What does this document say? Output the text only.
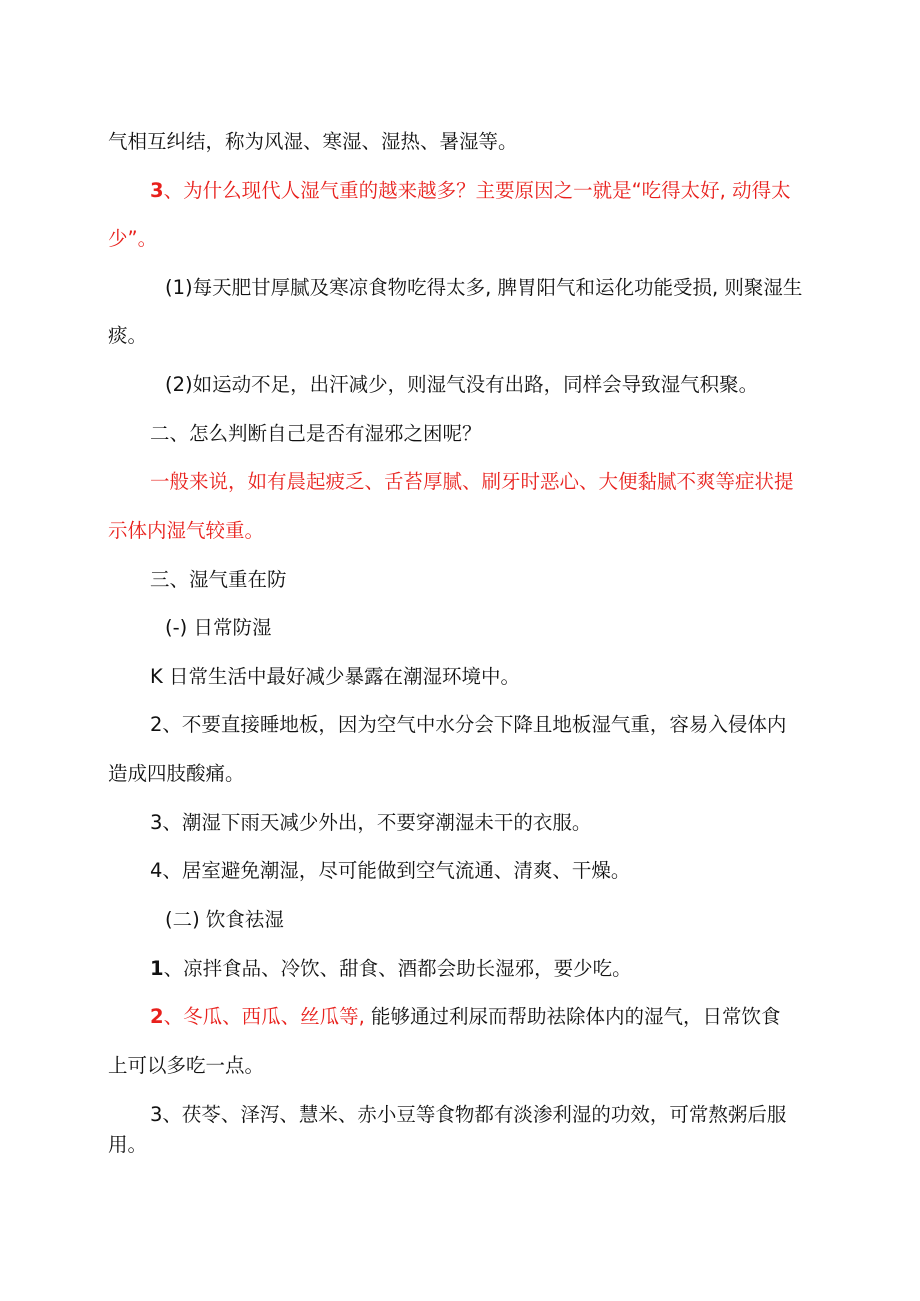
气相互纠结，称为风湿、寒湿、湿热、暑湿等。

3、为什么现代人湿气重的越来越多？主要原因之一就是“吃得太好, 动得太

少”。

(1)每天肥甘厚腻及寒凉食物吃得太多, 脾胃阳气和运化功能受损, 则聚湿生

痰。

(2)如运动不足，出汗减少，则湿气没有出路，同样会导致湿气积聚。

二、怎么判断自己是否有湿邪之困呢？

一般来说，如有晨起疲乏、舌苔厚腻、刷牙时恶心、大便黏腻不爽等症状提

示体内湿气较重。

三、湿气重在防

(-) 日常防湿

K 日常生活中最好减少暴露在潮湿环境中。

2、不要直接睡地板，因为空气中水分会下降且地板湿气重，容易入侵体内

造成四肢酸痛。

3、潮湿下雨天减少外出，不要穿潮湿未干的衣服。

4、居室避免潮湿，尽可能做到空气流通、清爽、干燥。

(二) 饮食祛湿

1、凉拌食品、冷饮、甜食、酒都会助长湿邪，要少吃。

2、冬瓜、西瓜、丝瓜等, 能够通过利尿而帮助祛除体内的湿气，日常饮食

上可以多吃一点。

3、茯苓、泽泻、慧米、赤小豆等食物都有淡渗利湿的功效，可常熬粥后服

用。
